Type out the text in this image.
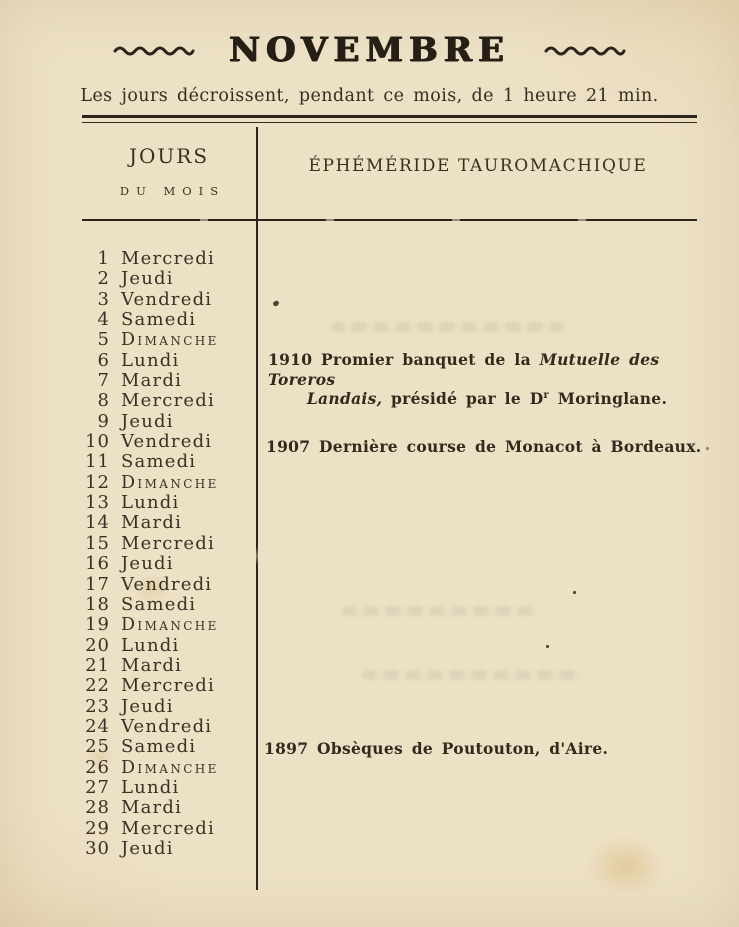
NOVEMBRE
Les jours décroissent, pendant ce mois, de 1 heure 21 min.
JOURS
DU MOIS
ÉPHÉMÉRIDE TAUROMACHIQUE
1 Mercredi
2 Jeudi
3 Vendredi
4 Samedi
5 Dimanche
6 Lundi
7 Mardi
8 Mercredi
9 Jeudi
10 Vendredi
11 Samedi
12 Dimanche
13 Lundi
14 Mardi
15 Mercredi
16 Jeudi
17 Vendredi
18 Samedi
19 Dimanche
20 Lundi
21 Mardi
22 Mercredi
23 Jeudi
24 Vendredi
25 Samedi
26 Dimanche
27 Lundi
28 Mardi
29 Mercredi
30 Jeudi
1910 Promier banquet de la Mutuelle des Toreros
Landais, présidé par le $D^r$ Moringlane.
1907 Dernière course de Monacot à Bordeaux.
1897 Obsèques de Poutouton, d'Aire.
